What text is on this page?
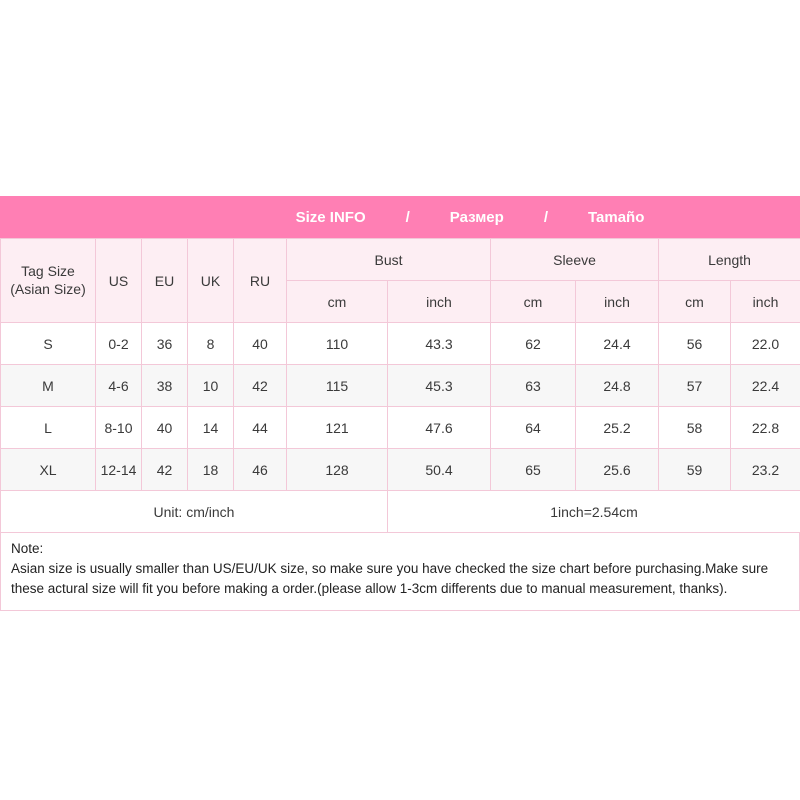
Size INFO	/	Размер	/	Tamaño
Tag Size
(Asian Size)	US	EU	UK	RU	Bust		Sleeve		Length	
					cm	inch	cm	inch	cm	inch
S	0-2	36	8	40	110	43.3	62	24.4	56	22.0
M	4-6	38	10	42	115	45.3	63	24.8	57	22.4
L	8-10	40	14	44	121	47.6	64	25.2	58	22.8
XL	12-14	42	18	46	128	50.4	65	25.6	59	23.2
Unit: cm/inch						1inch=2.54cm				
Note:
Asian size is usually smaller than US/EU/UK size, so make sure you have checked the size chart before purchasing.Make sure these actural size will fit you before making a order.(please allow 1-3cm differents due to manual measurement, thanks).
